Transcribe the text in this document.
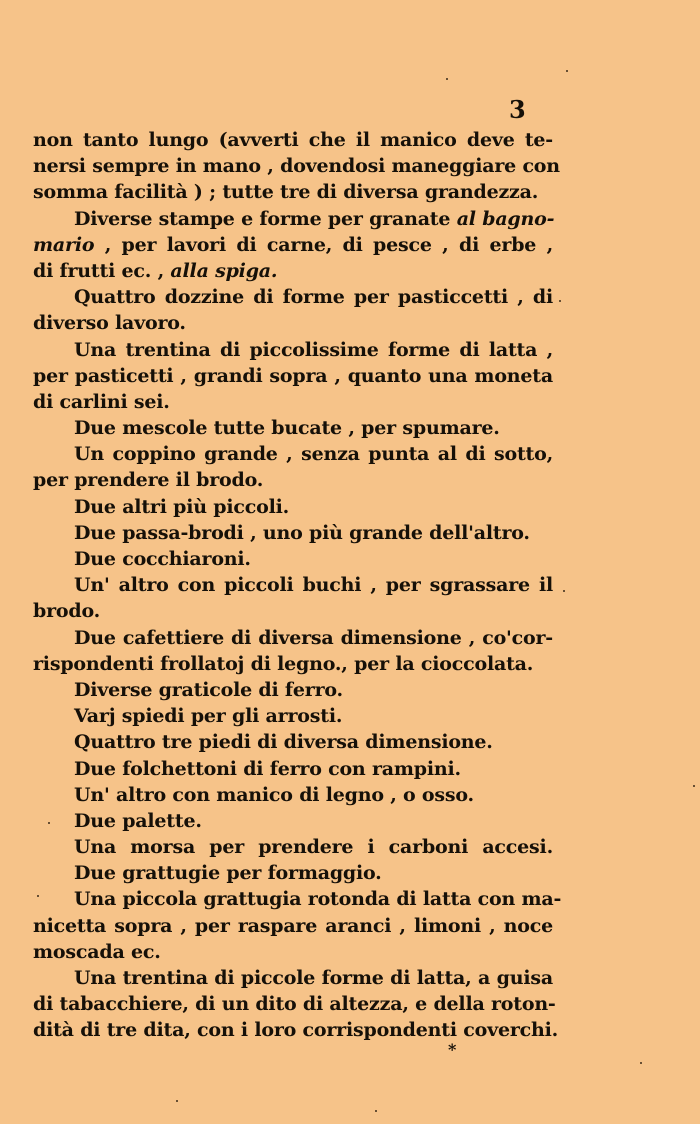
3
non tanto lungo (avverti che il manico deve te-
nersi sempre in mano , dovendosi maneggiare con
somma facilità ) ; tutte tre di diversa grandezza.
Diverse stampe e forme per granate al bagno-
mario , per lavori di carne, di pesce , di erbe ,
di frutti ec. , alla spiga.
Quattro dozzine di forme per pasticcetti , di
diverso lavoro.
Una trentina di piccolissime forme di latta ,
per pasticetti , grandi sopra , quanto una moneta
di carlini sei.
Due mescole tutte bucate , per spumare.
Un coppino grande , senza punta al di sotto,
per prendere il brodo.
Due altri più piccoli.
Due passa-brodi , uno più grande dell'altro.
Due cocchiaroni.
Un' altro con piccoli buchi , per sgrassare il
brodo.
Due cafettiere di diversa dimensione , co'cor-
rispondenti frollatoj di legno., per la cioccolata.
Diverse graticole di ferro.
Varj spiedi per gli arrosti.
Quattro tre piedi di diversa dimensione.
Due folchettoni di ferro con rampini.
Un' altro con manico di legno , o osso.
Due palette.
Una morsa per prendere i carboni accesi.
Due grattugie per formaggio.
Una piccola grattugia rotonda di latta con ma-
nicetta sopra , per raspare aranci , limoni , noce
moscada ec.
Una trentina di piccole forme di latta, a guisa
di tabacchiere, di un dito di altezza, e della roton-
dità di tre dita, con i loro corrispondenti coverchi.
*
